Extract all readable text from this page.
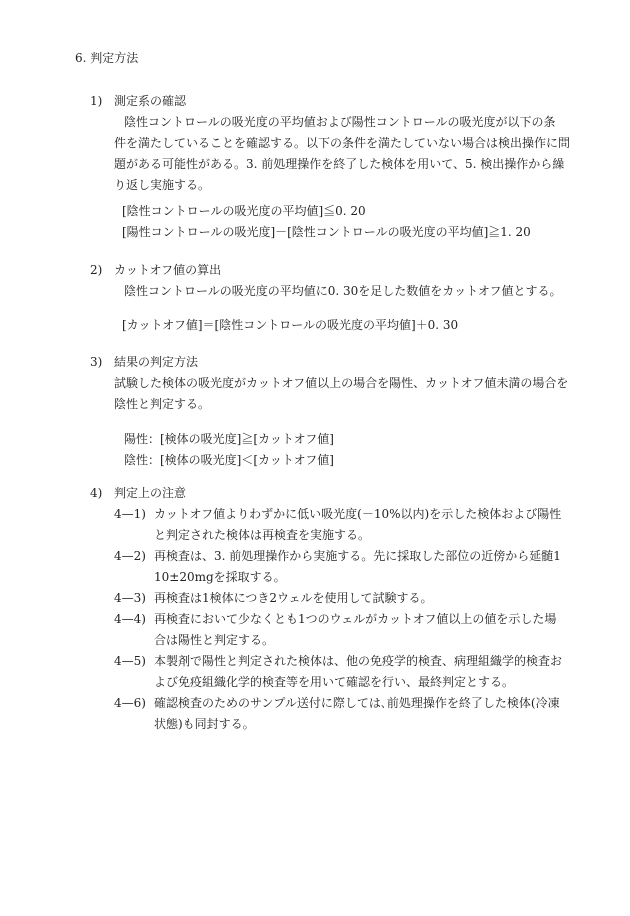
6. 判定方法
1) 測定系の確認
陰性コントロールの吸光度の平均値および陽性コントロールの吸光度が以下の条
件を満たしていることを確認する。以下の条件を満たしていない場合は検出操作に問
題がある可能性がある。3. 前処理操作を終了した検体を用いて、5. 検出操作から繰
り返し実施する。
[陰性コントロールの吸光度の平均値]≦0. 20
[陽性コントロールの吸光度]－[陰性コントロールの吸光度の平均値]≧1. 20
2) カットオフ値の算出
陰性コントロールの吸光度の平均値に0. 30を足した数値をカットオフ値とする。
[カットオフ値]＝[陰性コントロールの吸光度の平均値]＋0. 30
3) 結果の判定方法
試験した検体の吸光度がカットオフ値以上の場合を陽性、カットオフ値未満の場合を
陰性と判定する。
陽性：[検体の吸光度]≧[カットオフ値]
陰性：[検体の吸光度]＜[カットオフ値]
4) 判定上の注意
4—1) カットオフ値よりわずかに低い吸光度(－10%以内)を示した検体および陽性
と判定された検体は再検査を実施する。
4—2) 再検査は、3. 前処理操作から実施する。先に採取した部位の近傍から延髄1
10±20mgを採取する。
4—3) 再検査は1検体につき2ウェルを使用して試験する。
4—4) 再検査において少なくとも1つのウェルがカットオフ値以上の値を示した場
合は陽性と判定する。
4—5) 本製剤で陽性と判定された検体は、他の免疫学的検査、病理組織学的検査お
よび免疫組織化学的検査等を用いて確認を行い、最終判定とする。
4—6) 確認検査のためのサンプル送付に際しては､前処理操作を終了した検体(冷凍
状態)も同封する。
